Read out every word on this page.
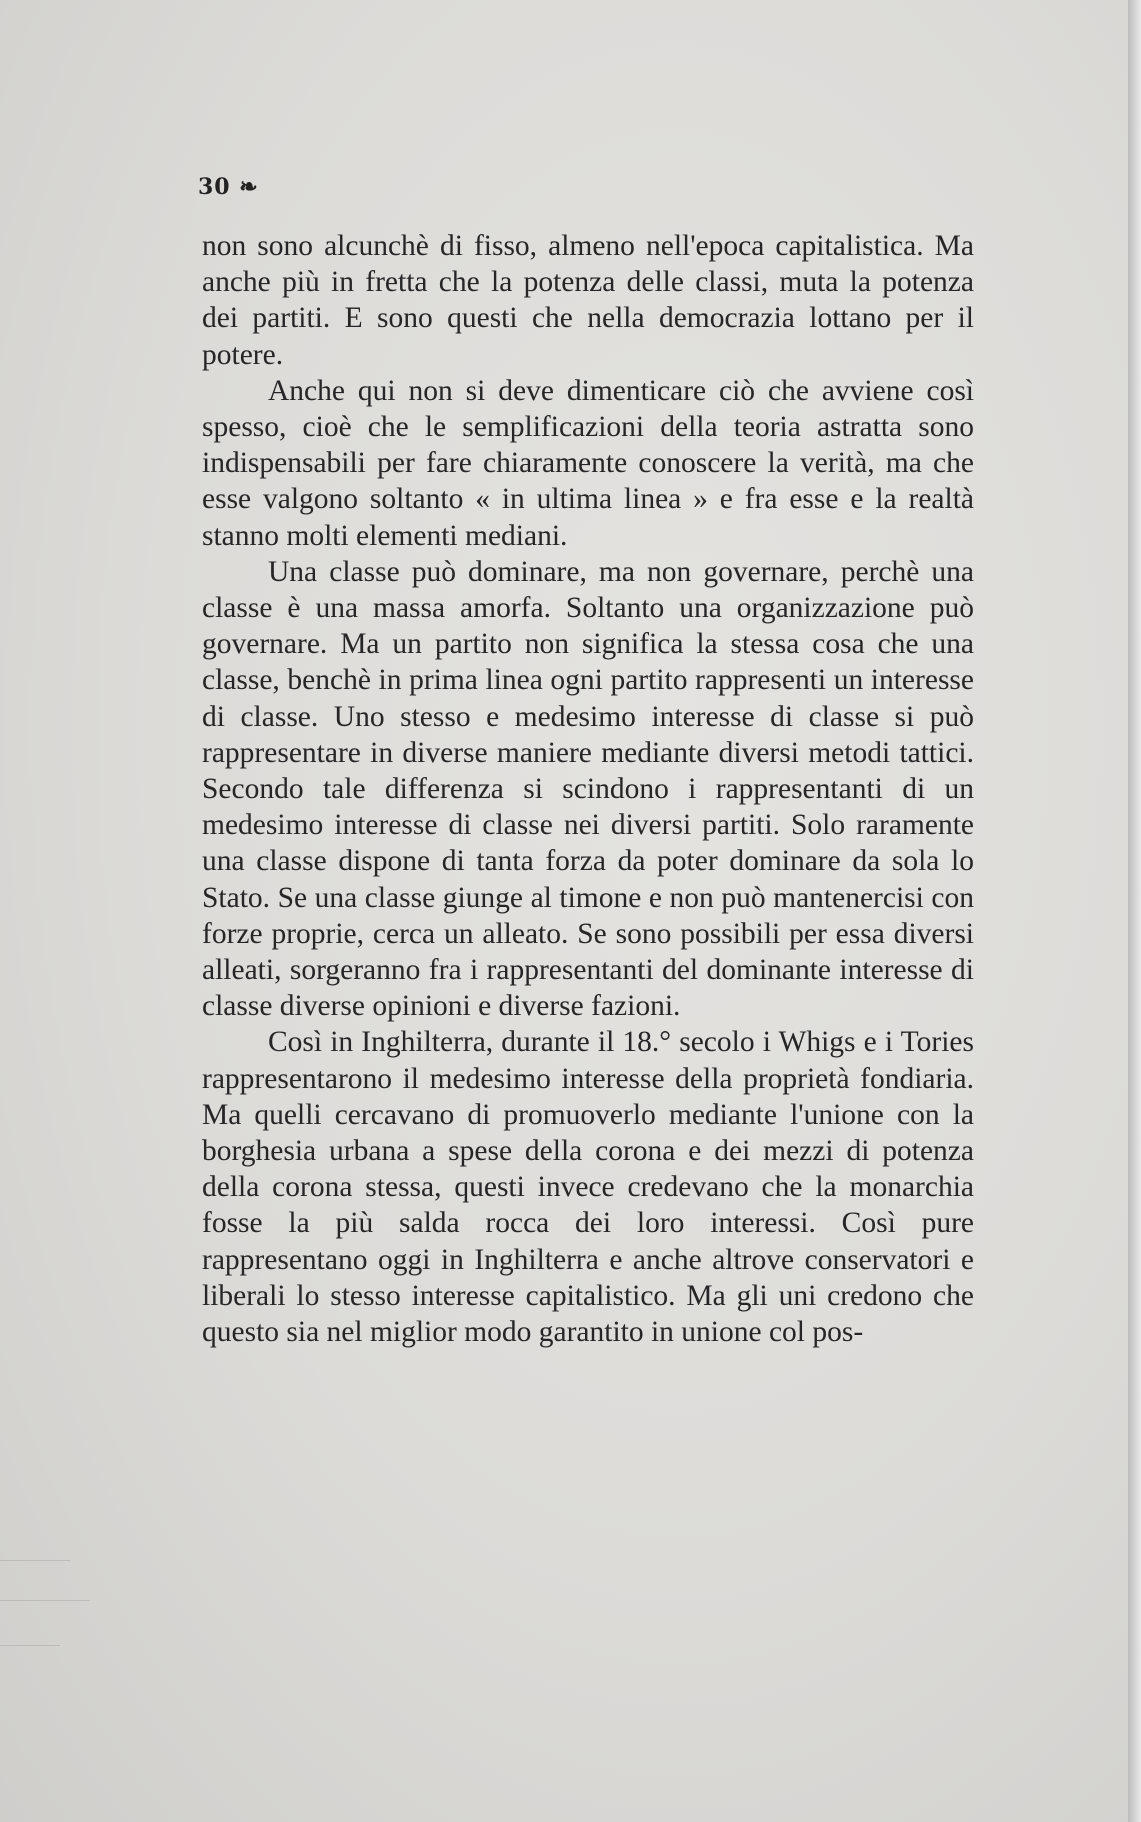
30 ❧

non sono alcunchè di fisso, almeno nell'epoca capitalistica. Ma anche più in fretta che la potenza delle classi, muta la potenza dei partiti. E sono questi che nella democrazia lottano per il potere.

Anche qui non si deve dimenticare ciò che avviene così spesso, cioè che le semplificazioni della teoria astratta sono indispensabili per fare chiaramente conoscere la verità, ma che esse valgono soltanto « in ultima linea » e fra esse e la realtà stanno molti elementi mediani.

Una classe può dominare, ma non governare, perchè una classe è una massa amorfa. Soltanto una organizzazione può governare. Ma un partito non significa la stessa cosa che una classe, benchè in prima linea ogni partito rappresenti un interesse di classe. Uno stesso e medesimo interesse di classe si può rappresentare in diverse maniere mediante diversi metodi tattici. Secondo tale differenza si scindono i rappresentanti di un medesimo interesse di classe nei diversi partiti. Solo raramente una classe dispone di tanta forza da poter dominare da sola lo Stato. Se una classe giunge al timone e non può mantenercisi con forze proprie, cerca un alleato. Se sono possibili per essa diversi alleati, sorgeranno fra i rappresentanti del dominante interesse di classe diverse opinioni e diverse fazioni.

Così in Inghilterra, durante il 18.° secolo i Whigs e i Tories rappresentarono il medesimo interesse della proprietà fondiaria. Ma quelli cercavano di promuoverlo mediante l'unione con la borghesia urbana a spese della corona e dei mezzi di potenza della corona stessa, questi invece credevano che la monarchia fosse la più salda rocca dei loro interessi. Così pure rappresentano oggi in Inghilterra e anche altrove conservatori e liberali lo stesso interesse capitalistico. Ma gli uni credono che questo sia nel miglior modo garantito in unione col pos-
